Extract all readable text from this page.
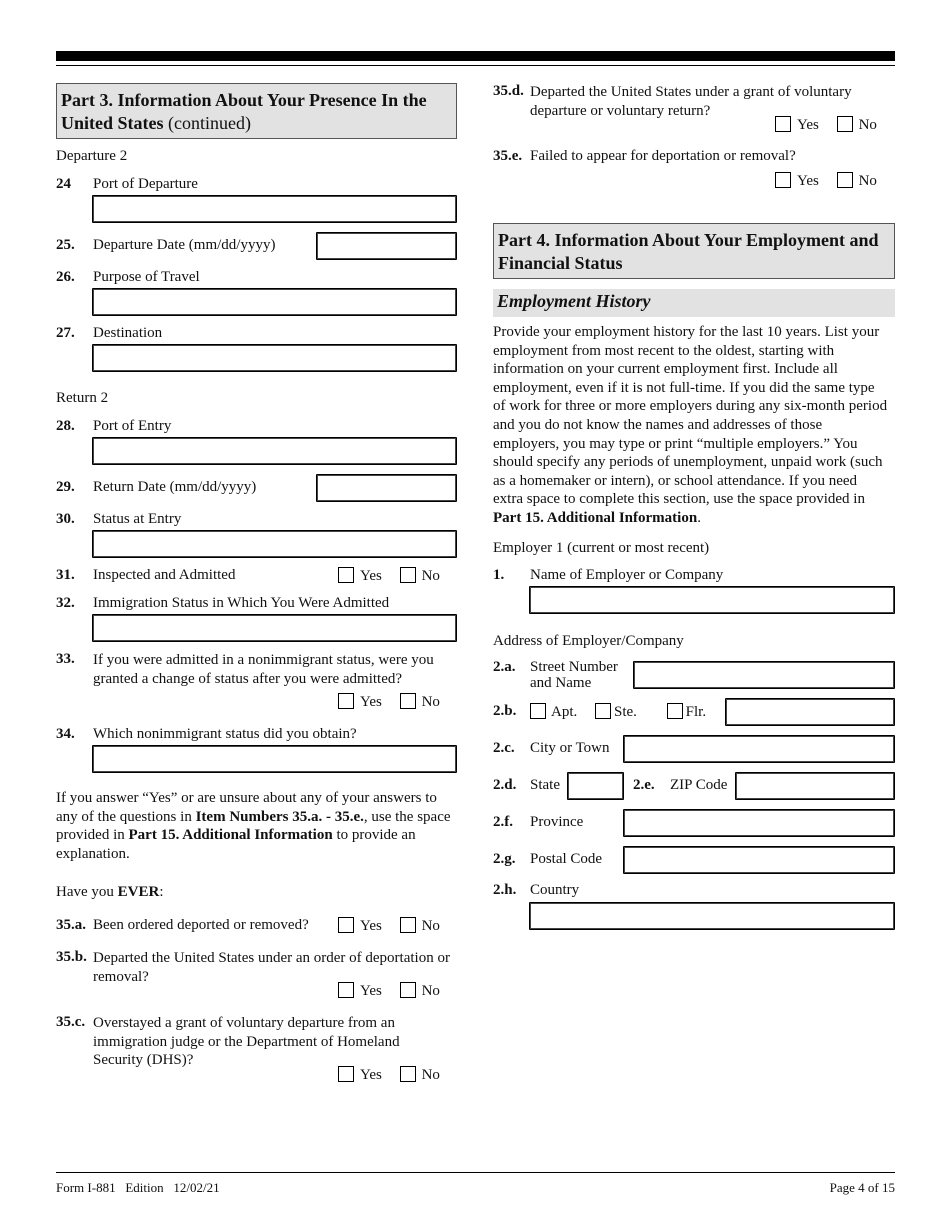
Part 3. Information About Your Presence In the United States (continued)
Departure 2
24 Port of Departure
25. Departure Date (mm/dd/yyyy)
26. Purpose of Travel
27. Destination
Return 2
28. Port of Entry
29. Return Date (mm/dd/yyyy)
30. Status at Entry
31. Inspected and Admitted	Yes	No
32. Immigration Status in Which You Were Admitted
33. If you were admitted in a nonimmigrant status, were you granted a change of status after you were admitted?
Yes	No
34. Which nonimmigrant status did you obtain?
If you answer “Yes” or are unsure about any of your answers to any of the questions in Item Numbers 35.a. - 35.e., use the space provided in Part 15. Additional Information to provide an explanation.
Have you EVER:
35.a. Been ordered deported or removed?	Yes	No
35.b. Departed the United States under an order of deportation or removal?
Yes	No
35.c. Overstayed a grant of voluntary departure from an immigration judge or the Department of Homeland Security (DHS)?
Yes	No
35.d. Departed the United States under a grant of voluntary departure or voluntary return?
Yes	No
35.e. Failed to appear for deportation or removal?
Yes	No
Part 4. Information About Your Employment and Financial Status
Employment History
Provide your employment history for the last 10 years. List your employment from most recent to the oldest, starting with information on your current employment first. Include all employment, even if it is not full-time. If you did the same type of work for three or more employers during any six-month period and you do not know the names and addresses of those employers, you may type or print “multiple employers.” You should specify any periods of unemployment, unpaid work (such as a homemaker or intern), or school attendance. If you need extra space to complete this section, use the space provided in Part 15. Additional Information.
Employer 1 (current or most recent)
1. Name of Employer or Company
Address of Employer/Company
2.a. Street Number
and Name
2.b.	Apt. Ste.	Flr.
2.c. City or Town
2.d. State	2.e. ZIP Code
2.f. Province
2.g. Postal Code
2.h. Country
Form I-881   Edition   12/02/21	Page 4 of 15
